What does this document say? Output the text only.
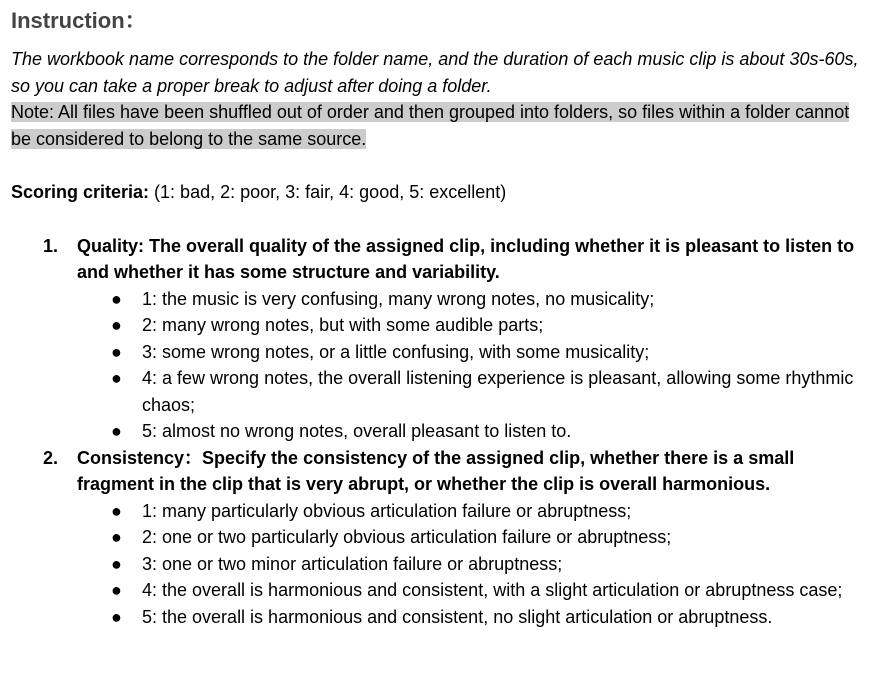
Instruction：

The workbook name corresponds to the folder name, and the duration of each music clip is about 30s-60s, so you can take a proper break to adjust after doing a folder.

Note: All files have been shuffled out of order and then grouped into folders, so files within a folder cannot be considered to belong to the same source.

Scoring criteria: (1: bad, 2: poor, 3: fair, 4: good, 5: excellent)

1. Quality: The overall quality of the assigned clip, including whether it is pleasant to listen to and whether it has some structure and variability.
● 1: the music is very confusing, many wrong notes, no musicality;
● 2: many wrong notes, but with some audible parts;
● 3: some wrong notes, or a little confusing, with some musicality;
● 4: a few wrong notes, the overall listening experience is pleasant, allowing some rhythmic chaos;
● 5: almost no wrong notes, overall pleasant to listen to.
2. Consistency：Specify the consistency of the assigned clip, whether there is a small fragment in the clip that is very abrupt, or whether the clip is overall harmonious.
● 1: many particularly obvious articulation failure or abruptness;
● 2: one or two particularly obvious articulation failure or abruptness;
● 3: one or two minor articulation failure or abruptness;
● 4: the overall is harmonious and consistent, with a slight articulation or abruptness case;
● 5: the overall is harmonious and consistent, no slight articulation or abruptness.
